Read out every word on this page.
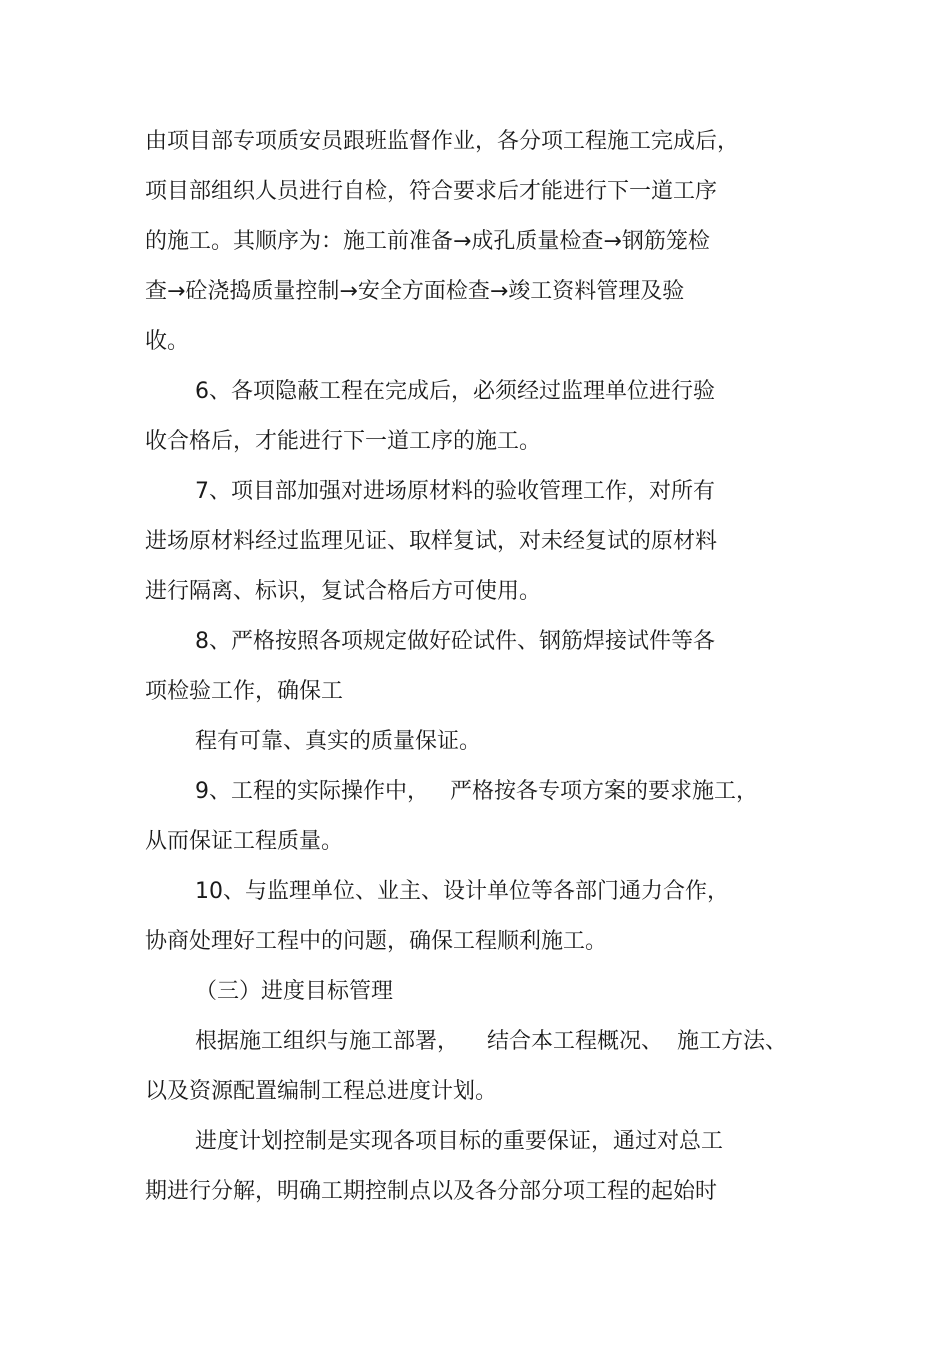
由项目部专项质安员跟班监督作业，各分项工程施工完成后，
项目部组织人员进行自检，符合要求后才能进行下一道工序
的施工。其顺序为：施工前准备→成孔质量检查→钢筋笼检
查→砼浇捣质量控制→安全方面检查→竣工资料管理及验
收。
6、各项隐蔽工程在完成后，必须经过监理单位进行验
收合格后，才能进行下一道工序的施工。
7、项目部加强对进场原材料的验收管理工作，对所有
进场原材料经过监理见证、取样复试，对未经复试的原材料
进行隔离、标识，复试合格后方可使用。
8、严格按照各项规定做好砼试件、钢筋焊接试件等各
项检验工作，确保工
程有可靠、真实的质量保证。
9、工程的实际操作中，   严格按各专项方案的要求施工，
从而保证工程质量。
10、与监理单位、业主、设计单位等各部门通力合作，
协商处理好工程中的问题，确保工程顺利施工。
（三）进度目标管理
根据施工组织与施工部署，    结合本工程概况、  施工方法、
以及资源配置编制工程总进度计划。
进度计划控制是实现各项目标的重要保证，通过对总工
期进行分解，明确工期控制点以及各分部分项工程的起始时
